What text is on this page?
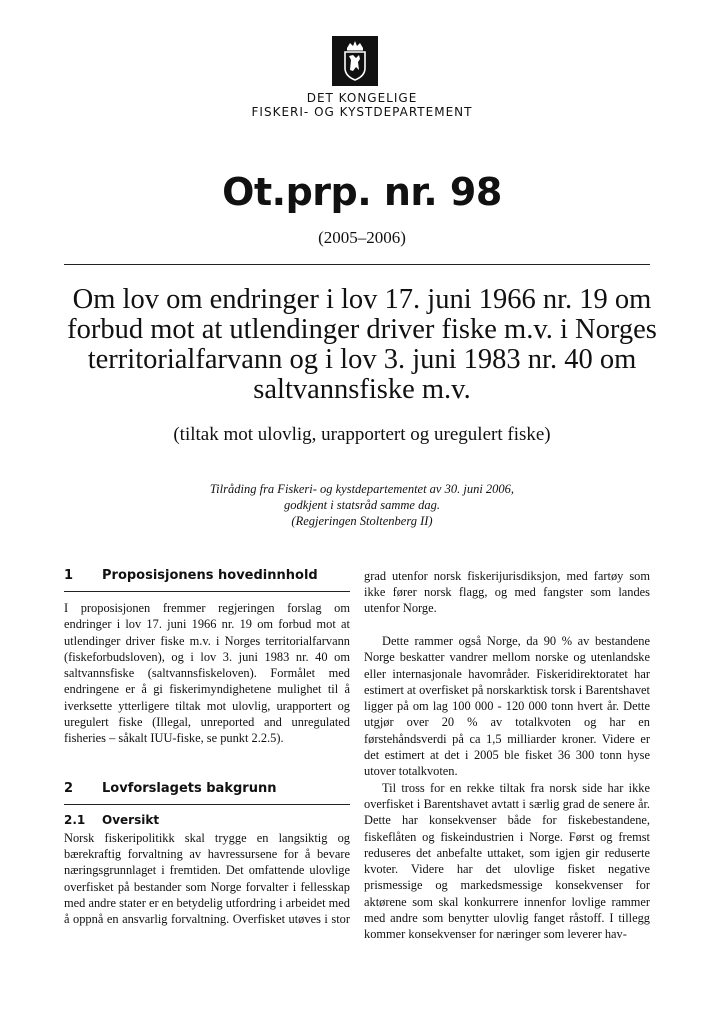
DET KONGELIGE
FISKERI- OG KYSTDEPARTEMENT
Ot.prp. nr. 98
(2005–2006)
Om lov om endringer i lov 17. juni 1966 nr. 19 om forbud mot at utlendinger driver fiske m.v. i Norges territorialfarvann og i lov 3. juni 1983 nr. 40 om saltvannsfiske m.v.
(tiltak mot ulovlig, urapportert og uregulert fiske)
Tilråding fra Fiskeri- og kystdepartementet av 30. juni 2006,
godkjent i statsråd samme dag.
(Regjeringen Stoltenberg II)
1	Proposisjonens hovedinnhold

I proposisjonen fremmer regjeringen forslag om endringer i lov 17. juni 1966 nr. 19 om forbud mot at utlendinger driver fiske m.v. i Norges territorialfarvann (fiskeforbudsloven), og i lov 3. juni 1983 nr. 40 om saltvannsfiske (saltvannsfiskeloven). Formålet med endringene er å gi fiskerimyndighetene mulighet til å iverksette ytterligere tiltak mot ulovlig, urapportert og uregulert fiske (Illegal, unreported and unregulated fisheries – såkalt IUU-fiske, se punkt 2.2.5).

2	Lovforslagets bakgrunn
2.1	Oversikt

Norsk fiskeripolitikk skal trygge en langsiktig og bærekraftig forvaltning av havressursene for å bevare næringsgrunnlaget i fremtiden. Det omfattende ulovlige overfisket på bestander som Norge forvalter i fellesskap med andre stater er en betydelig utfordring i arbeidet med å oppnå en ansvarlig forvaltning. Overfisket utøves i stor

grad utenfor norsk fiskerijurisdiksjon, med fartøy som ikke fører norsk flagg, og med fangster som landes utenfor Norge.

Dette rammer også Norge, da 90 % av bestandene Norge beskatter vandrer mellom norske og utenlandske eller internasjonale havområder. Fiskeridirektoratet har estimert at overfisket på norskarktisk torsk i Barentshavet ligger på om lag 100 000 - 120 000 tonn hvert år. Dette utgjør over 20 % av totalkvoten og har en førstehåndsverdi på ca 1,5 milliarder kroner. Videre er det estimert at det i 2005 ble fisket 36 300 tonn hyse utover totalkvoten.

Til tross for en rekke tiltak fra norsk side har ikke overfisket i Barentshavet avtatt i særlig grad de senere år. Dette har konsekvenser både for fiskebestandene, fiskeflåten og fiskeindustrien i Norge. Først og fremst reduseres det anbefalte uttaket, som igjen gir reduserte kvoter. Videre har det ulovlige fisket negative prismessige og markedsmessige konsekvenser for aktørene som skal konkurrere innenfor lovlige rammer med andre som benytter ulovlig fanget råstoff. I tillegg kommer konsekvenser for næringer som leverer hav-
